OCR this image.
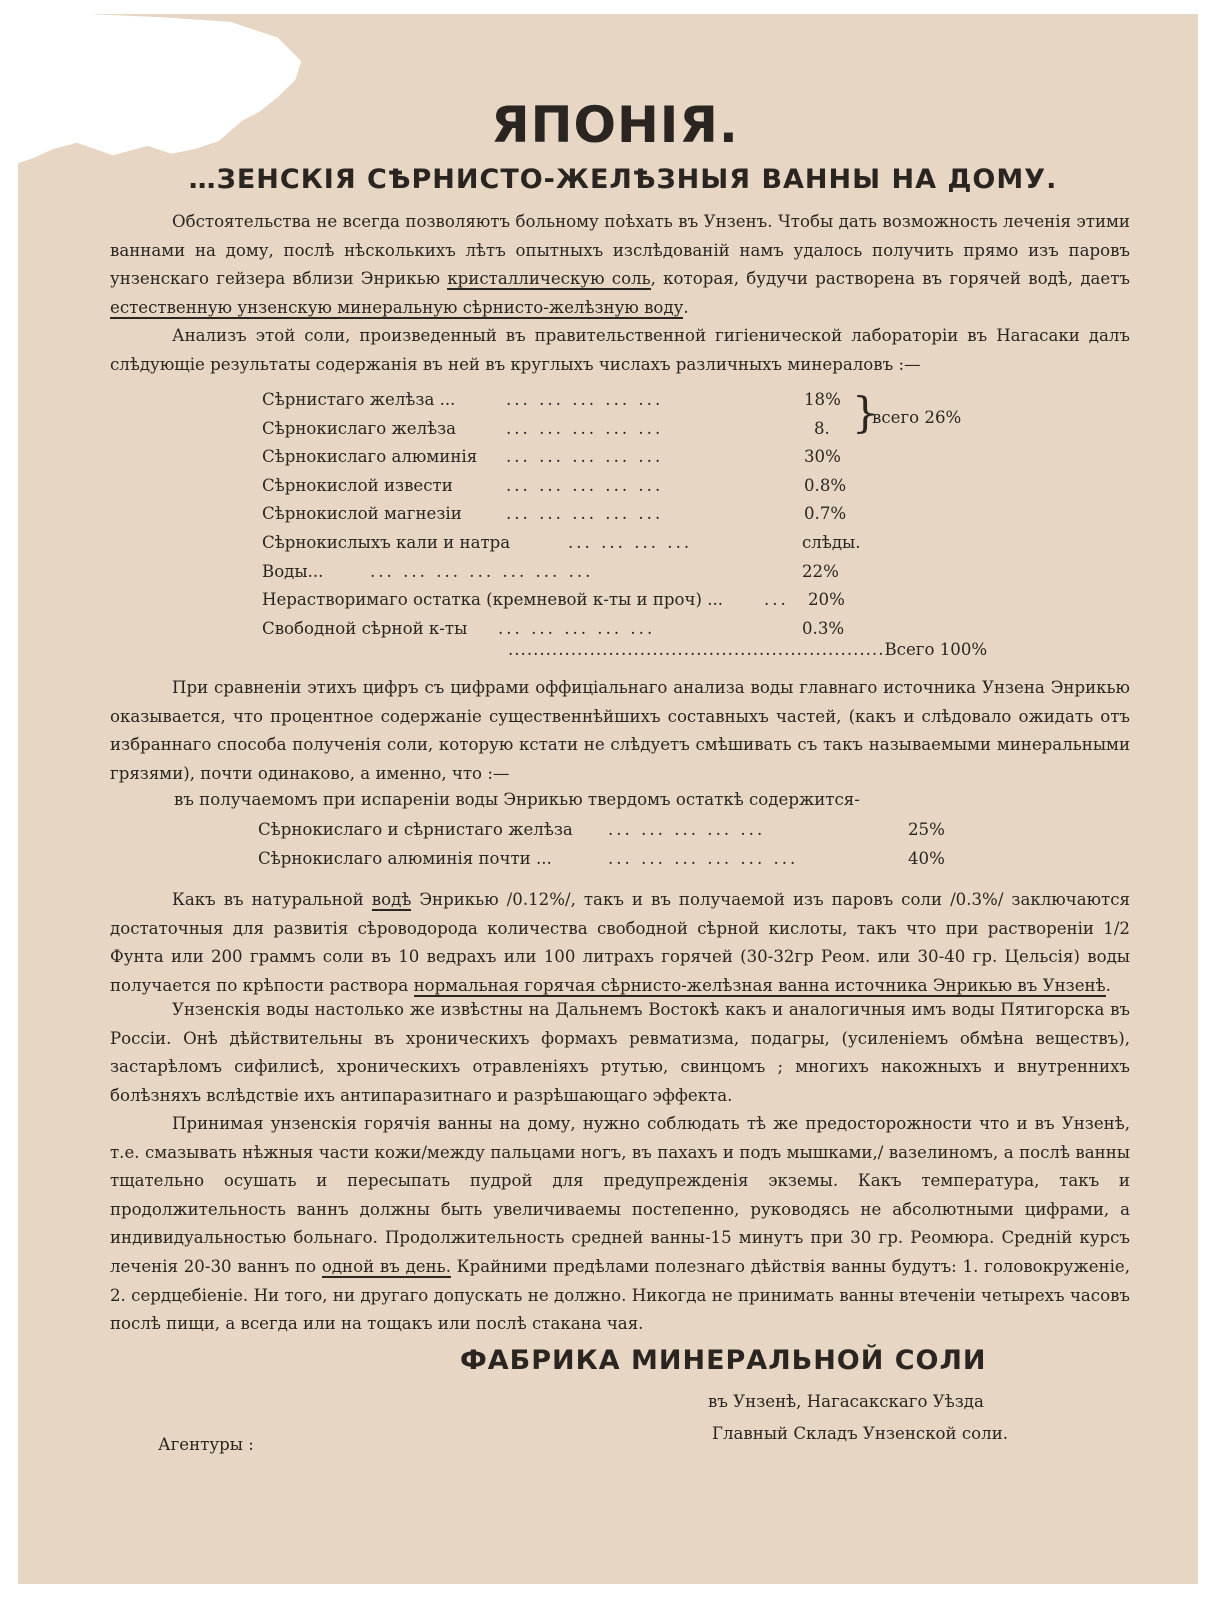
ЯПОНІЯ.
…ЗЕНСКІЯ СѢРНИСТО-ЖЕЛѢЗНЫЯ ВАННЫ НА ДОМУ.

Обстоятельства не всегда позволяютъ больному поѣхать въ Унзенъ. Чтобы дать возможность леченія этими ваннами на дому, послѣ нѣсколькихъ лѣтъ опытныхъ изслѣдованій намъ удалось получить прямо изъ паровъ унзенскаго гейзера вблизи Энрикью кристаллическую соль, которая, будучи растворена въ горячей водѣ, даетъ естественную унзенскую минеральную сѣрнисто-желѣзную воду.

Анализъ этой соли, произведенный въ правительственной гигіенической лабораторіи въ Нагасаки далъ слѣдующіе результаты содержанія въ ней въ круглыхъ числахъ различныхъ минераловъ :—

Сѣрнистаго желѣза ...	... ... ... ... ...	18%
Сѣрнокислаго желѣза	... ... ... ... ...	8.
Сѣрнокислаго алюминія ... ... ... ... ...	30%
Сѣрнокислой извести	... ... ... ... ...	0.8%
Сѣрнокислой магнезіи	... ... ... ... ...	0.7%
Сѣрнокислыхъ кали и натра	... ... ... ...	слѣды.
Воды...	... ... ... ... ... ... ...	22%
Нерастворимаго остатка (кремневой к-ты и проч) ... ... 20%
Свободной сѣрной к-ты ... ... ... ... ...	0.3%
}
всего 26%
............................................................Всего 100%

При сравненіи этихъ цифръ съ цифрами оффиціальнаго анализа воды главнаго источника Унзена Энрикью оказывается, что процентное содержаніе существеннѣйшихъ составныхъ частей, (какъ и слѣдовало ожидать отъ избраннаго способа полученія соли, которую кстати не слѣдуетъ смѣшивать съ такъ называемыми минеральными грязями), почти одинаково, а именно, что :—

въ получаемомъ при испареніи воды Энрикью твердомъ остаткѣ содержится-

Сѣрнокислаго и сѣрнистаго желѣза ... ... ... ... ...	25%
Сѣрнокислаго алюминія почти ...	... ... ... ... ... ...	40%

Какъ въ натуральной водѣ Энрикью /0.12%/, такъ и въ получаемой изъ паровъ соли /0.3%/ заключаются достаточныя для развитія сѣроводорода количества свободной сѣрной кислоты, такъ что при раствореніи 1/2 Фунта или 200 граммъ соли въ 10 ведрахъ или 100 литрахъ горячей (30-32гр Реом. или 30-40 гр. Цельсія) воды получается по крѣпости раствора нормальная горячая сѣрнисто-желѣзная ванна источника Энрикью въ Унзенѣ.

Унзенскія воды настолько же извѣстны на Дальнемъ Востокѣ какъ и аналогичныя имъ воды Пятигорска въ Россіи. Онѣ дѣйствительны въ хроническихъ формахъ ревматизма, подагры, (усиленіемъ обмѣна веществъ), застарѣломъ сифилисѣ, хроническихъ отравленіяхъ ртутью, свинцомъ ; многихъ накожныхъ и внутреннихъ болѣзняхъ вслѣдствіе ихъ антипаразитнаго и разрѣшающаго эффекта.

Принимая унзенскія горячія ванны на дому, нужно соблюдать тѣ же предосторожности что и въ Унзенѣ, т.е. смазывать нѣжныя части кожи/между пальцами ногъ, въ пахахъ и подъ мышками,/ вазелиномъ, а послѣ ванны тщательно осушать и пересыпать пудрой для предупрежденія экземы. Какъ температура, такъ и продолжительность ваннъ должны быть увеличиваемы постепенно, руководясь не абсолютными цифрами, а индивидуальностью больнаго. Продолжительность средней ванны-15 минутъ при 30 гр. Реомюра. Средній курсъ леченія 20-30 ваннъ по одной въ день. Крайними предѣлами полезнаго дѣйствія ванны будутъ: 1. головокруженіе, 2. сердцебіеніе. Ни того, ни другаго допускать не должно. Никогда не принимать ванны втеченіи четырехъ часовъ послѣ пищи, а всегда или на тощакъ или послѣ стакана чая.

ФАБРИКА МИНЕРАЛЬНОЙ СОЛИ

въ Унзенѣ, Нагасакскаго Уѣзда

Главный Складъ Унзенской соли.

Агентуры :
